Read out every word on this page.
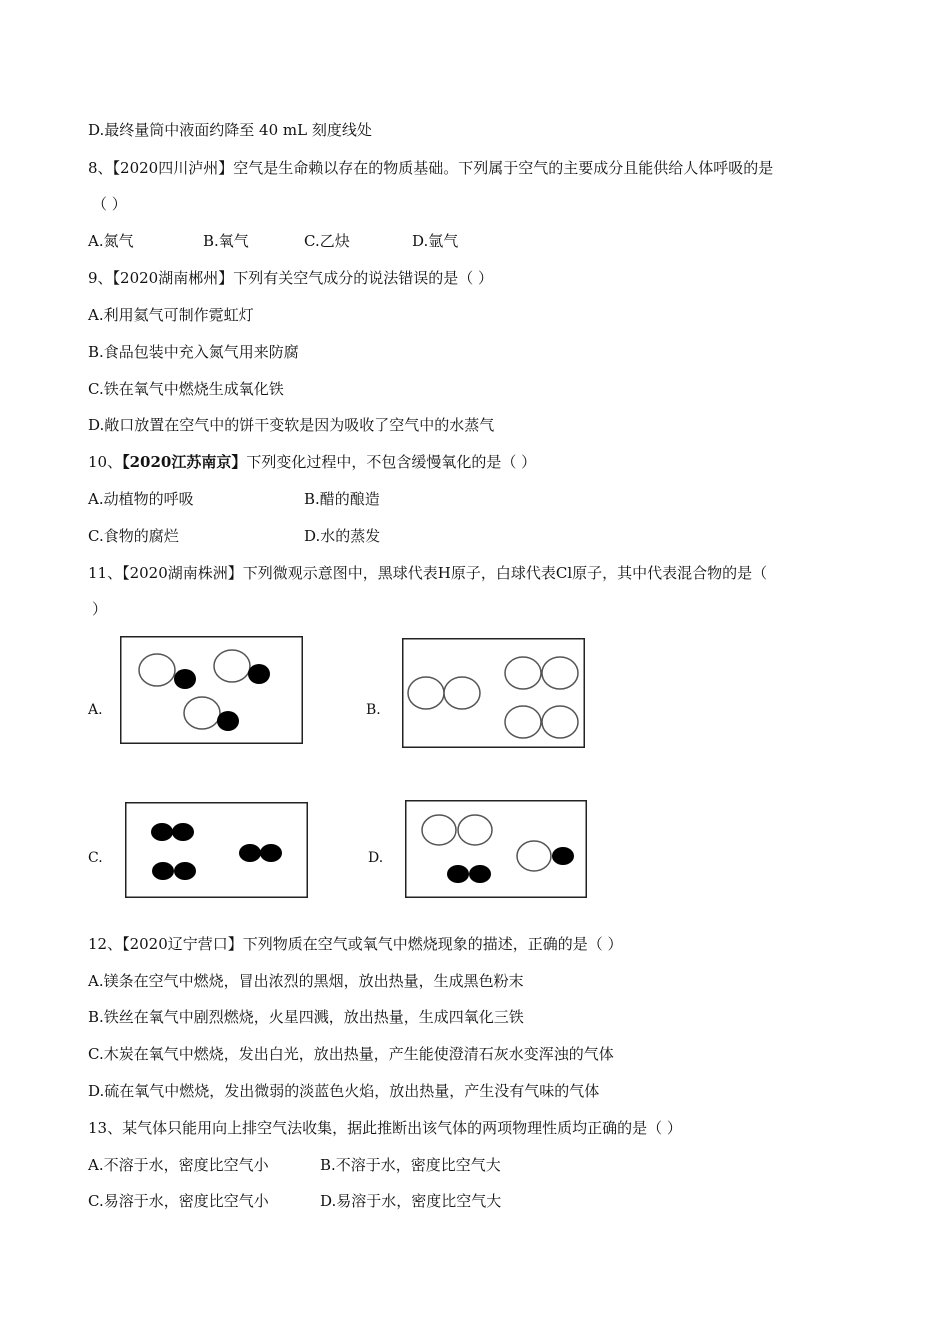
D.最终量筒中液面约降至 40 mL 刻度线处
8、【2020四川泸州】空气是生命赖以存在的物质基础。下列属于空气的主要成分且能供给人体呼吸的是
（ ）
A.氮气	B.氧气	C.乙炔	D.氩气
9、【2020湖南郴州】下列有关空气成分的说法错误的是（ ）
A.利用氦气可制作霓虹灯
B.食品包装中充入氮气用来防腐
C.铁在氧气中燃烧生成氧化铁
D.敞口放置在空气中的饼干变软是因为吸收了空气中的水蒸气
10、【2020江苏南京】下列变化过程中，不包含缓慢氧化的是（ ）
A.动植物的呼吸	B.醋的酿造
C.食物的腐烂	D.水的蒸发
11、【2020湖南株洲】下列微观示意图中，黑球代表H原子，白球代表Cl原子，其中代表混合物的是（
）
A.	B.
C.	D.
12、【2020辽宁营口】下列物质在空气或氧气中燃烧现象的描述，正确的是（ ）
A.镁条在空气中燃烧，冒出浓烈的黑烟，放出热量，生成黑色粉末
B.铁丝在氧气中剧烈燃烧，火星四溅，放出热量，生成四氧化三铁
C.木炭在氧气中燃烧，发出白光，放出热量，产生能使澄清石灰水变浑浊的气体
D.硫在氧气中燃烧，发出微弱的淡蓝色火焰，放出热量，产生没有气味的气体
13、某气体只能用向上排空气法收集，据此推断出该气体的两项物理性质均正确的是（ ）
A.不溶于水，密度比空气小	B.不溶于水，密度比空气大
C.易溶于水，密度比空气小	D.易溶于水，密度比空气大
